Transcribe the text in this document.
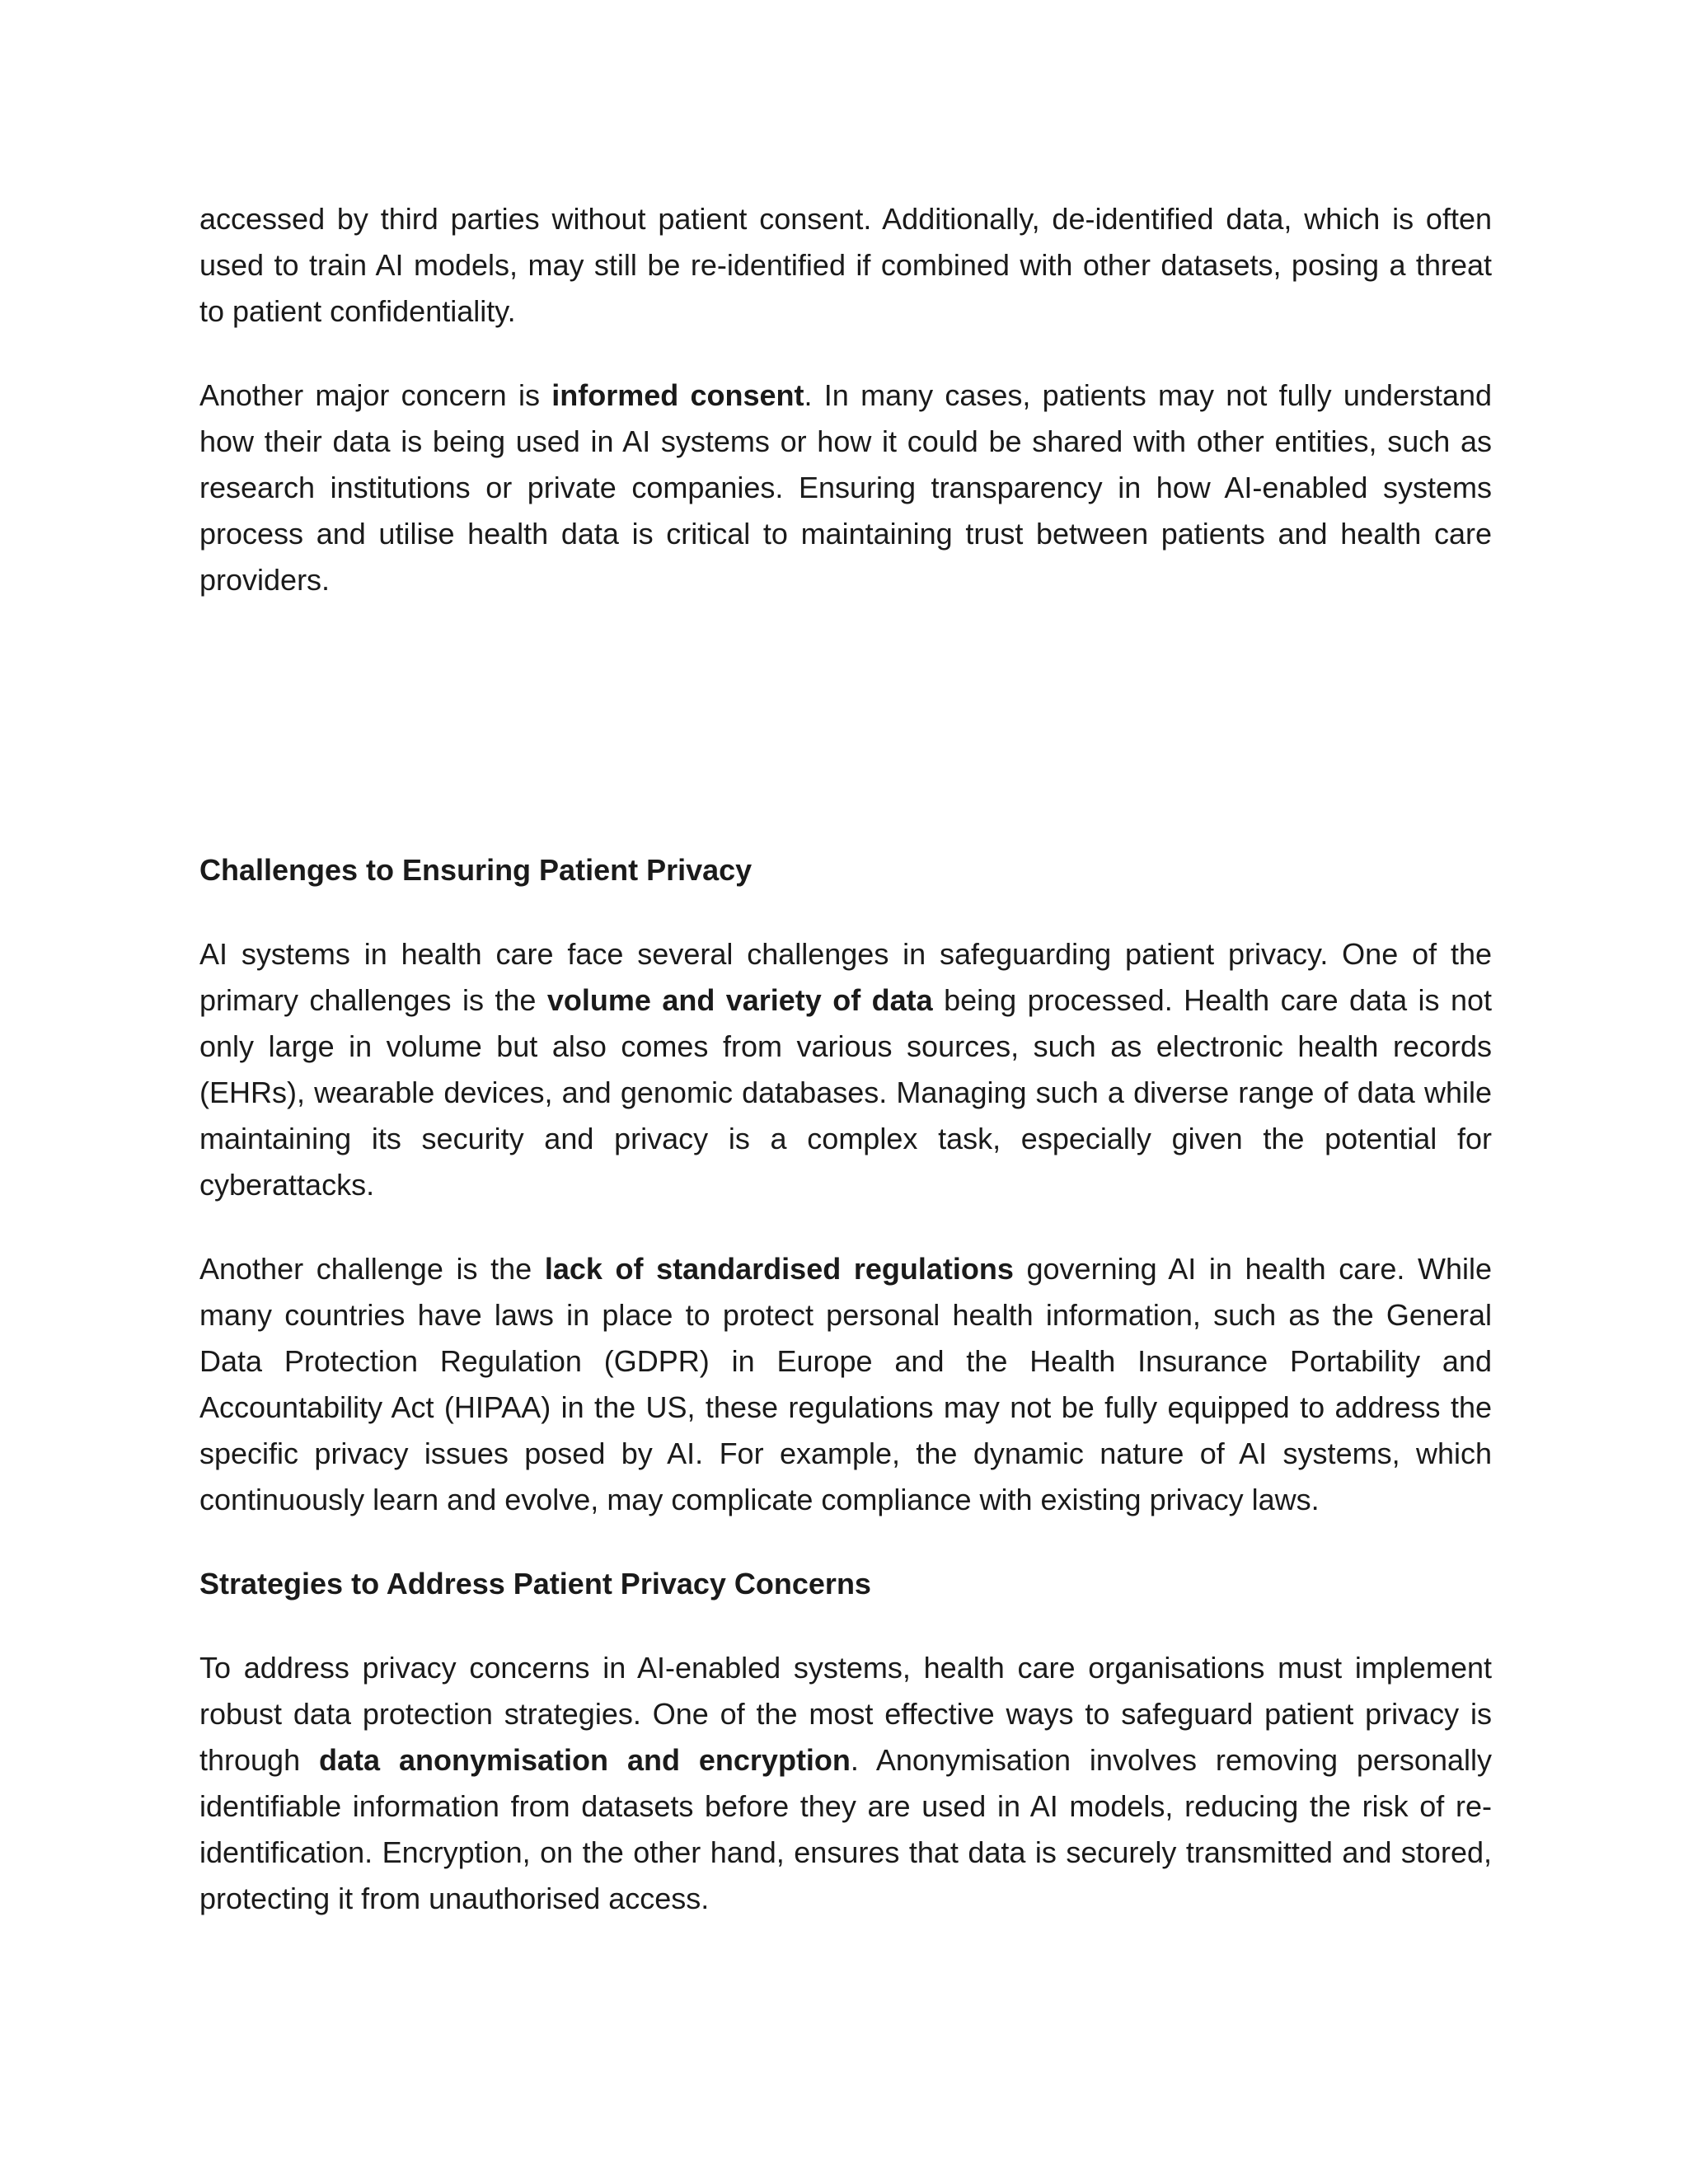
accessed by third parties without patient consent. Additionally, de-identified data, which is often used to train AI models, may still be re-identified if combined with other datasets, posing a threat to patient confidentiality.

Another major concern is informed consent. In many cases, patients may not fully understand how their data is being used in AI systems or how it could be shared with other entities, such as research institutions or private companies. Ensuring transparency in how AI-enabled systems process and utilise health data is critical to maintaining trust between patients and health care providers.

Challenges to Ensuring Patient Privacy

AI systems in health care face several challenges in safeguarding patient privacy. One of the primary challenges is the volume and variety of data being processed. Health care data is not only large in volume but also comes from various sources, such as electronic health records (EHRs), wearable devices, and genomic databases. Managing such a diverse range of data while maintaining its security and privacy is a complex task, especially given the potential for cyberattacks.

Another challenge is the lack of standardised regulations governing AI in health care. While many countries have laws in place to protect personal health information, such as the General Data Protection Regulation (GDPR) in Europe and the Health Insurance Portability and Accountability Act (HIPAA) in the US, these regulations may not be fully equipped to address the specific privacy issues posed by AI. For example, the dynamic nature of AI systems, which continuously learn and evolve, may complicate compliance with existing privacy laws.

Strategies to Address Patient Privacy Concerns

To address privacy concerns in AI-enabled systems, health care organisations must implement robust data protection strategies. One of the most effective ways to safeguard patient privacy is through data anonymisation and encryption. Anonymisation involves removing personally identifiable information from datasets before they are used in AI models, reducing the risk of re-identification. Encryption, on the other hand, ensures that data is securely transmitted and stored, protecting it from unauthorised access.
